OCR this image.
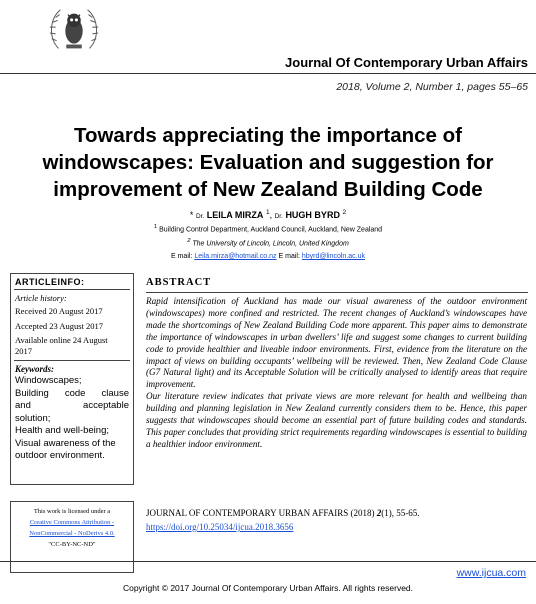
Journal Of Contemporary Urban Affairs
2018, Volume 2, Number 1, pages 55–65
Towards appreciating the importance of
windowscapes: Evaluation and suggestion for
improvement of New Zealand Building Code
* Dr. LEILA MIRZA $^1$, Dr. HUGH BYRD $^2$
$^1$ Building Control Department, Auckland Council, Auckland, New Zealand
$^2$ The University of Lincoln, Lincoln, United Kingdom
E mail: Leila.mirza@hotmail.co.nz E mail: hbyrd@lincoln.ac.uk
ARTICLEINFO:
Article history:
Received 20 August 2017
Accepted 23 August 2017
Available online 24 August
2017
Keywords:
Windowscapes;
Building code clause
and acceptable
solution;
Health and well-being;
Visual awareness of the
outdoor environment.
This work is licensed under a
Creative Commons Attribution -
NonCommercial - NoDerivs 4.0.
"CC-BY-NC-ND"
ABSTRACT

Rapid intensification of Auckland has made our visual awareness of the outdoor environment (windowscapes) more confined and restricted. The recent changes of Auckland’s windowscapes have made the shortcomings of New Zealand Building Code more apparent. This paper aims to demonstrate the importance of windowscapes in urban dwellers’ life and suggest some changes to current building code to provide healthier and liveable indoor environments. First, evidence from the literature on the impact of views on building occupants’ wellbeing will be reviewed. Then, New Zealand Code Clause (G7 Natural light) and its Acceptable Solution will be critically analysed to identify areas that require improvement.

Our literature review indicates that private views are more relevant for health and wellbeing than building and planning legislation in New Zealand currently considers them to be. Hence, this paper suggests that windowscapes should become an essential part of future building codes and standards. This paper concludes that providing strict requirements regarding windowscapes is essential to building a healthier indoor environment.

JOURNAL OF CONTEMPORARY URBAN AFFAIRS (2018) 2(1), 55-65.
https://doi.org/10.25034/ijcua.2018.3656
www.ijcua.com
Copyright © 2017 Journal Of Contemporary Urban Affairs. All rights reserved.
